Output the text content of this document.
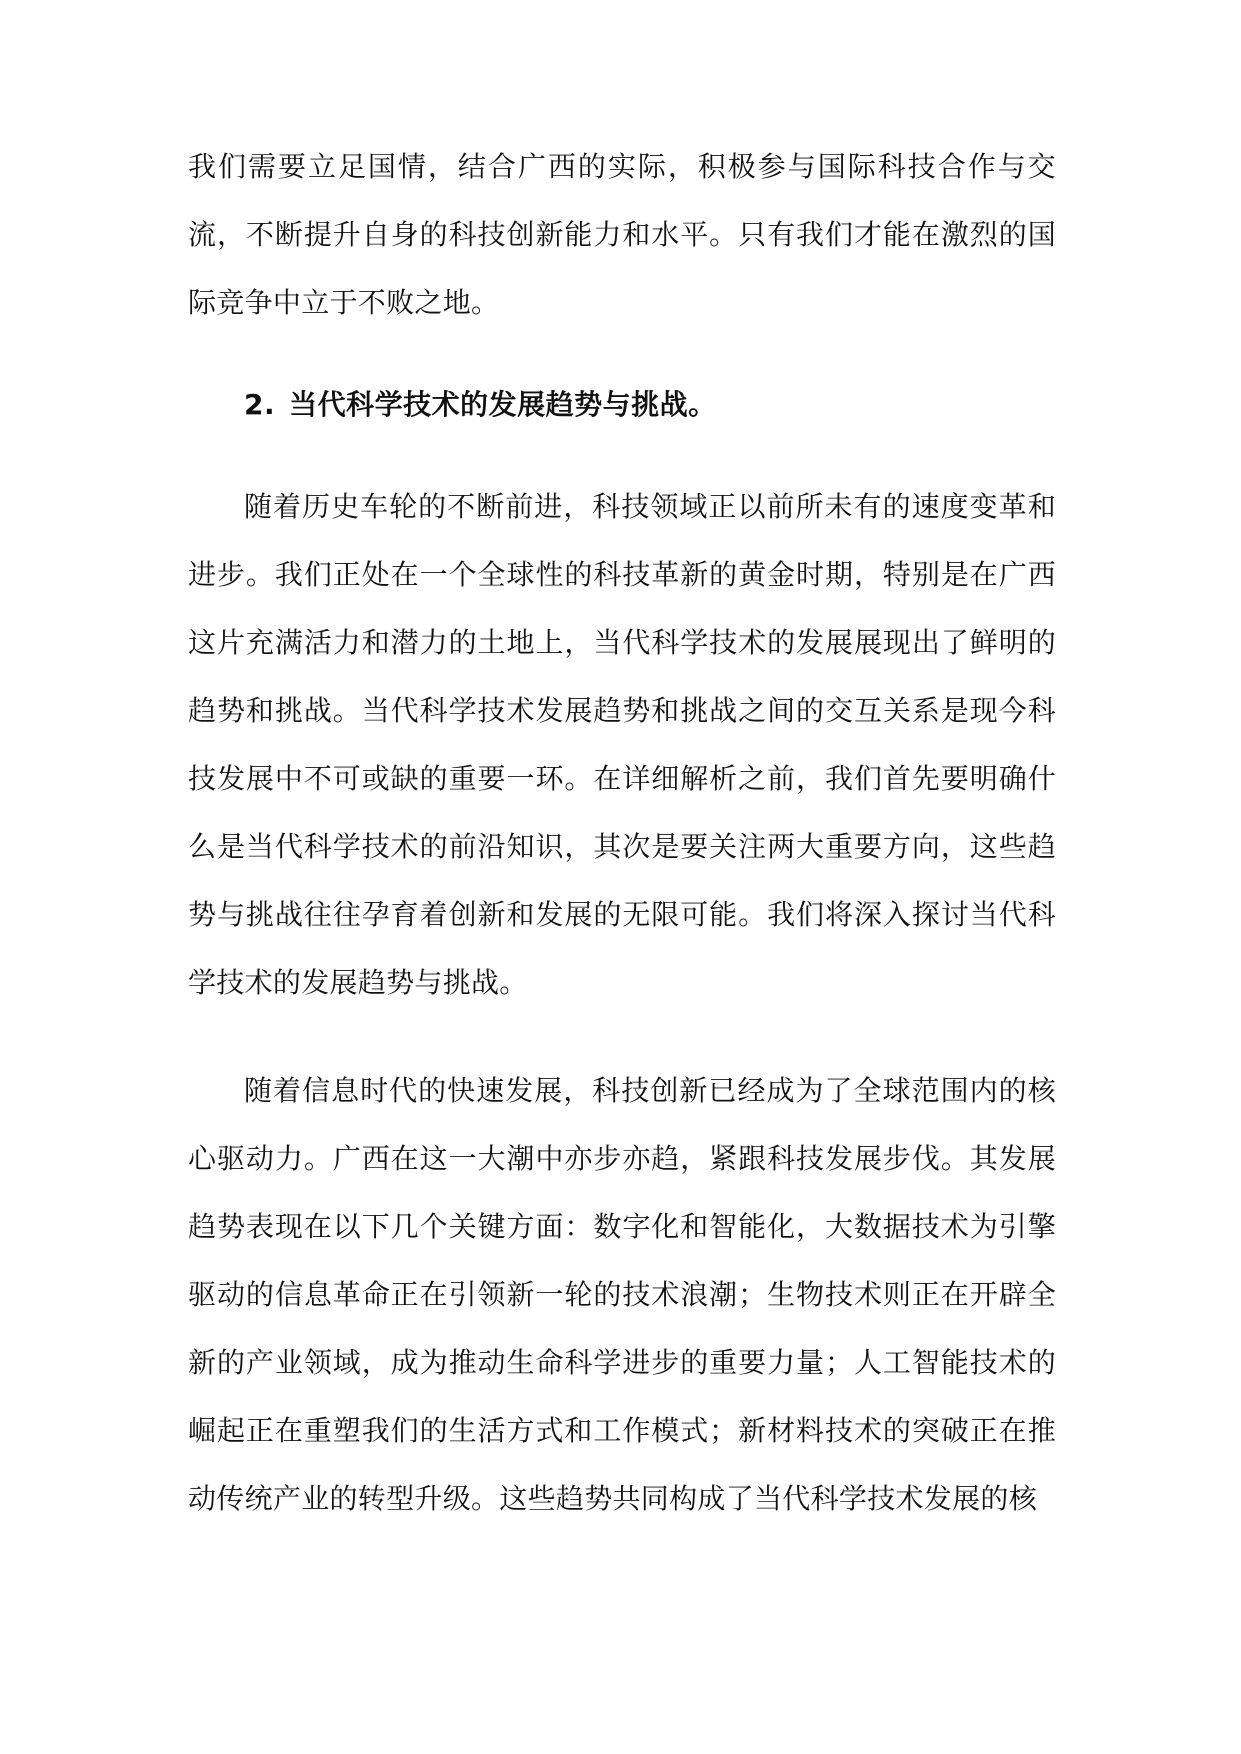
我们需要立足国情，结合广西的实际，积极参与国际科技合作与交流，不断提升自身的科技创新能力和水平。只有我们才能在激烈的国际竞争中立于不败之地。

2. 当代科学技术的发展趋势与挑战。

随着历史车轮的不断前进，科技领域正以前所未有的速度变革和进步。我们正处在一个全球性的科技革新的黄金时期，特别是在广西这片充满活力和潜力的土地上，当代科学技术的发展展现出了鲜明的趋势和挑战。当代科学技术发展趋势和挑战之间的交互关系是现今科技发展中不可或缺的重要一环。在详细解析之前，我们首先要明确什么是当代科学技术的前沿知识，其次是要关注两大重要方向，这些趋势与挑战往往孕育着创新和发展的无限可能。我们将深入探讨当代科学技术的发展趋势与挑战。

随着信息时代的快速发展，科技创新已经成为了全球范围内的核心驱动力。广西在这一大潮中亦步亦趋，紧跟科技发展步伐。其发展趋势表现在以下几个关键方面：数字化和智能化，大数据技术为引擎驱动的信息革命正在引领新一轮的技术浪潮；生物技术则正在开辟全新的产业领域，成为推动生命科学进步的重要力量；人工智能技术的崛起正在重塑我们的生活方式和工作模式；新材料技术的突破正在推动传统产业的转型升级。这些趋势共同构成了当代科学技术发展的核
